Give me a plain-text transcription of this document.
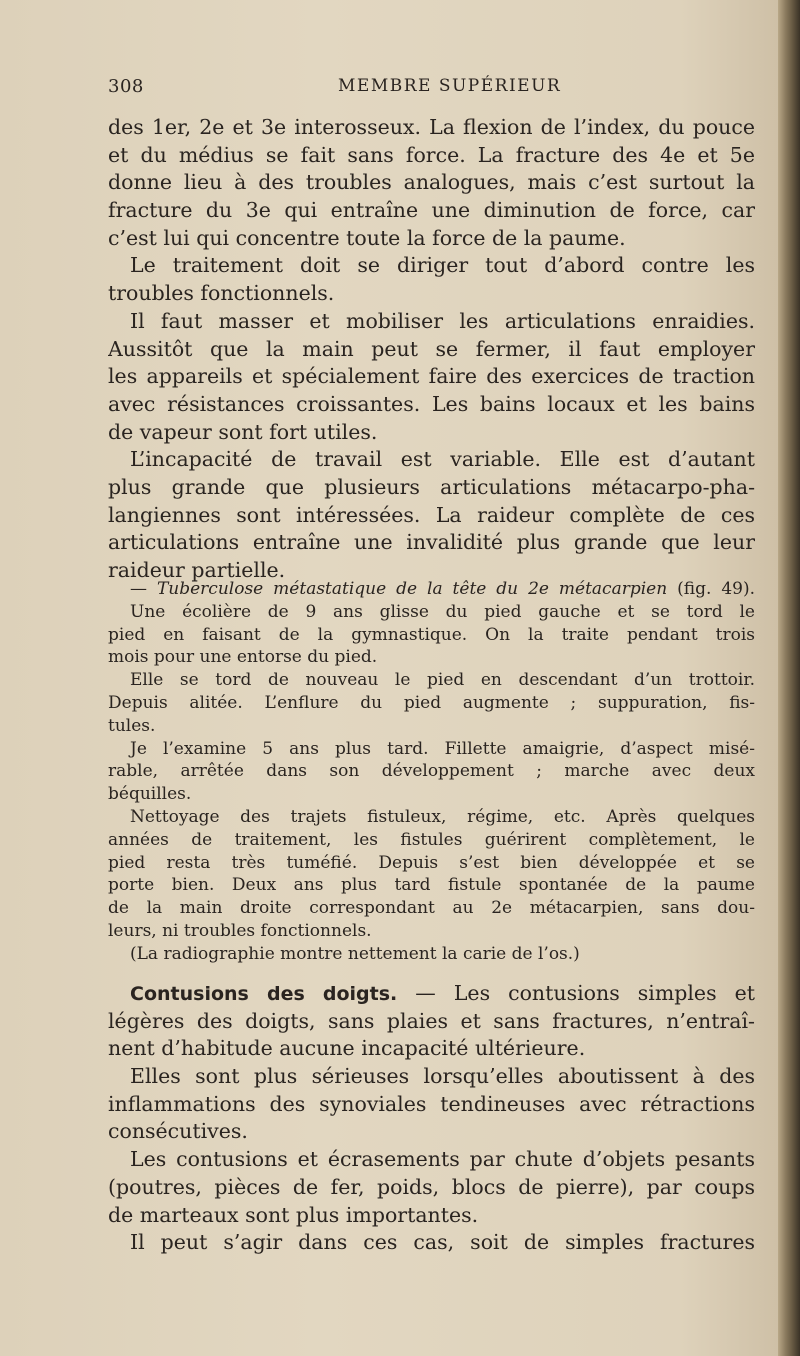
308	MEMBRE SUPÉRIEUR
des 1er, 2e et 3e interosseux. La flexion de l’index, du pouce
et du médius se fait sans force. La fracture des 4e et 5e
donne lieu à des troubles analogues, mais c’est surtout la
fracture du 3e qui entraîne une diminution de force, car
c’est lui qui concentre toute la force de la paume.
Le traitement doit se diriger tout d’abord contre les
troubles fonctionnels.
Il faut masser et mobiliser les articulations enraidies.
Aussitôt que la main peut se fermer, il faut employer
les appareils et spécialement faire des exercices de traction
avec résistances croissantes. Les bains locaux et les bains
de vapeur sont fort utiles.
L’incapacité de travail est variable. Elle est d’autant
plus grande que plusieurs articulations métacarpo-pha-
langiennes sont intéressées. La raideur complète de ces
articulations entraîne une invalidité plus grande que leur
raideur partielle.
— Tuberculose métastatique de la tête du 2e métacarpien (fig. 49).
Une écolière de 9 ans glisse du pied gauche et se tord le
pied en faisant de la gymnastique. On la traite pendant trois
mois pour une entorse du pied.
Elle se tord de nouveau le pied en descendant d’un trottoir.
Depuis alitée. L’enflure du pied augmente ; suppuration, fis-
tules.
Je l’examine 5 ans plus tard. Fillette amaigrie, d’aspect misé-
rable, arrêtée dans son développement ; marche avec deux
béquilles.
Nettoyage des trajets fistuleux, régime, etc. Après quelques
années de traitement, les fistules guérirent complètement, le
pied resta très tuméfié. Depuis s’est bien développée et se
porte bien. Deux ans plus tard fistule spontanée de la paume
de la main droite correspondant au 2e métacarpien, sans dou-
leurs, ni troubles fonctionnels.
(La radiographie montre nettement la carie de l’os.)
Contusions des doigts. — Les contusions simples et
légères des doigts, sans plaies et sans fractures, n’entraî-
nent d’habitude aucune incapacité ultérieure.
Elles sont plus sérieuses lorsqu’elles aboutissent à des
inflammations des synoviales tendineuses avec rétractions
consécutives.
Les contusions et écrasements par chute d’objets pesants
(poutres, pièces de fer, poids, blocs de pierre), par coups
de marteaux sont plus importantes.
Il peut s’agir dans ces cas, soit de simples fractures
